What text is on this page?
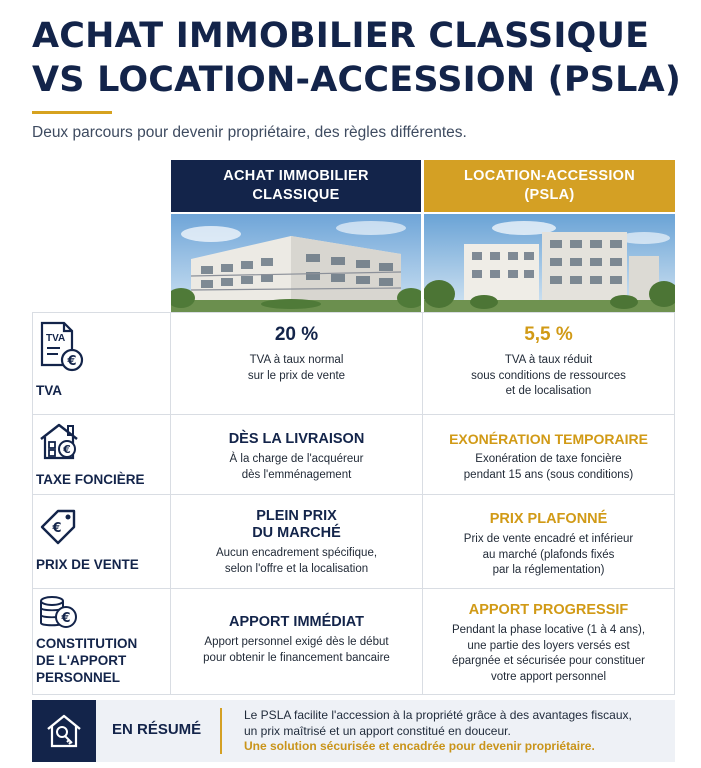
ACHAT IMMOBILIER CLASSIQUE
VS LOCATION-ACCESSION (PSLA)
Deux parcours pour devenir propriétaire, des règles différentes.
ACHAT IMMOBILIER
CLASSIQUE
LOCATION-ACCESSION
(PSLA)
TVA
€
TVA
20 %
TVA à taux normal
sur le prix de vente
5,5 %
TVA à taux réduit
sous conditions de ressources
et de localisation
€
TAXE FONCIÈRE
DÈS LA LIVRAISON
À la charge de l'acquéreur
dès l'emménagement
EXONÉRATION TEMPORAIRE
Exonération de taxe foncière
pendant 15 ans (sous conditions)
€
PRIX DE VENTE
PLEIN PRIX
DU MARCHÉ
Aucun encadrement spécifique,
selon l'offre et la localisation
PRIX PLAFONNÉ
Prix de vente encadré et inférieur
au marché (plafonds fixés
par la réglementation)
€
CONSTITUTION
DE L'APPORT
PERSONNEL
APPORT IMMÉDIAT
Apport personnel exigé dès le début
pour obtenir le financement bancaire
APPORT PROGRESSIF
Pendant la phase locative (1 à 4 ans),
une partie des loyers versés est
épargnée et sécurisée pour constituer
votre apport personnel
EN RÉSUMÉ
Le PSLA facilite l'accession à la propriété grâce à des avantages fiscaux,
un prix maîtrisé et un apport constitué en douceur.
Une solution sécurisée et encadrée pour devenir propriétaire.
